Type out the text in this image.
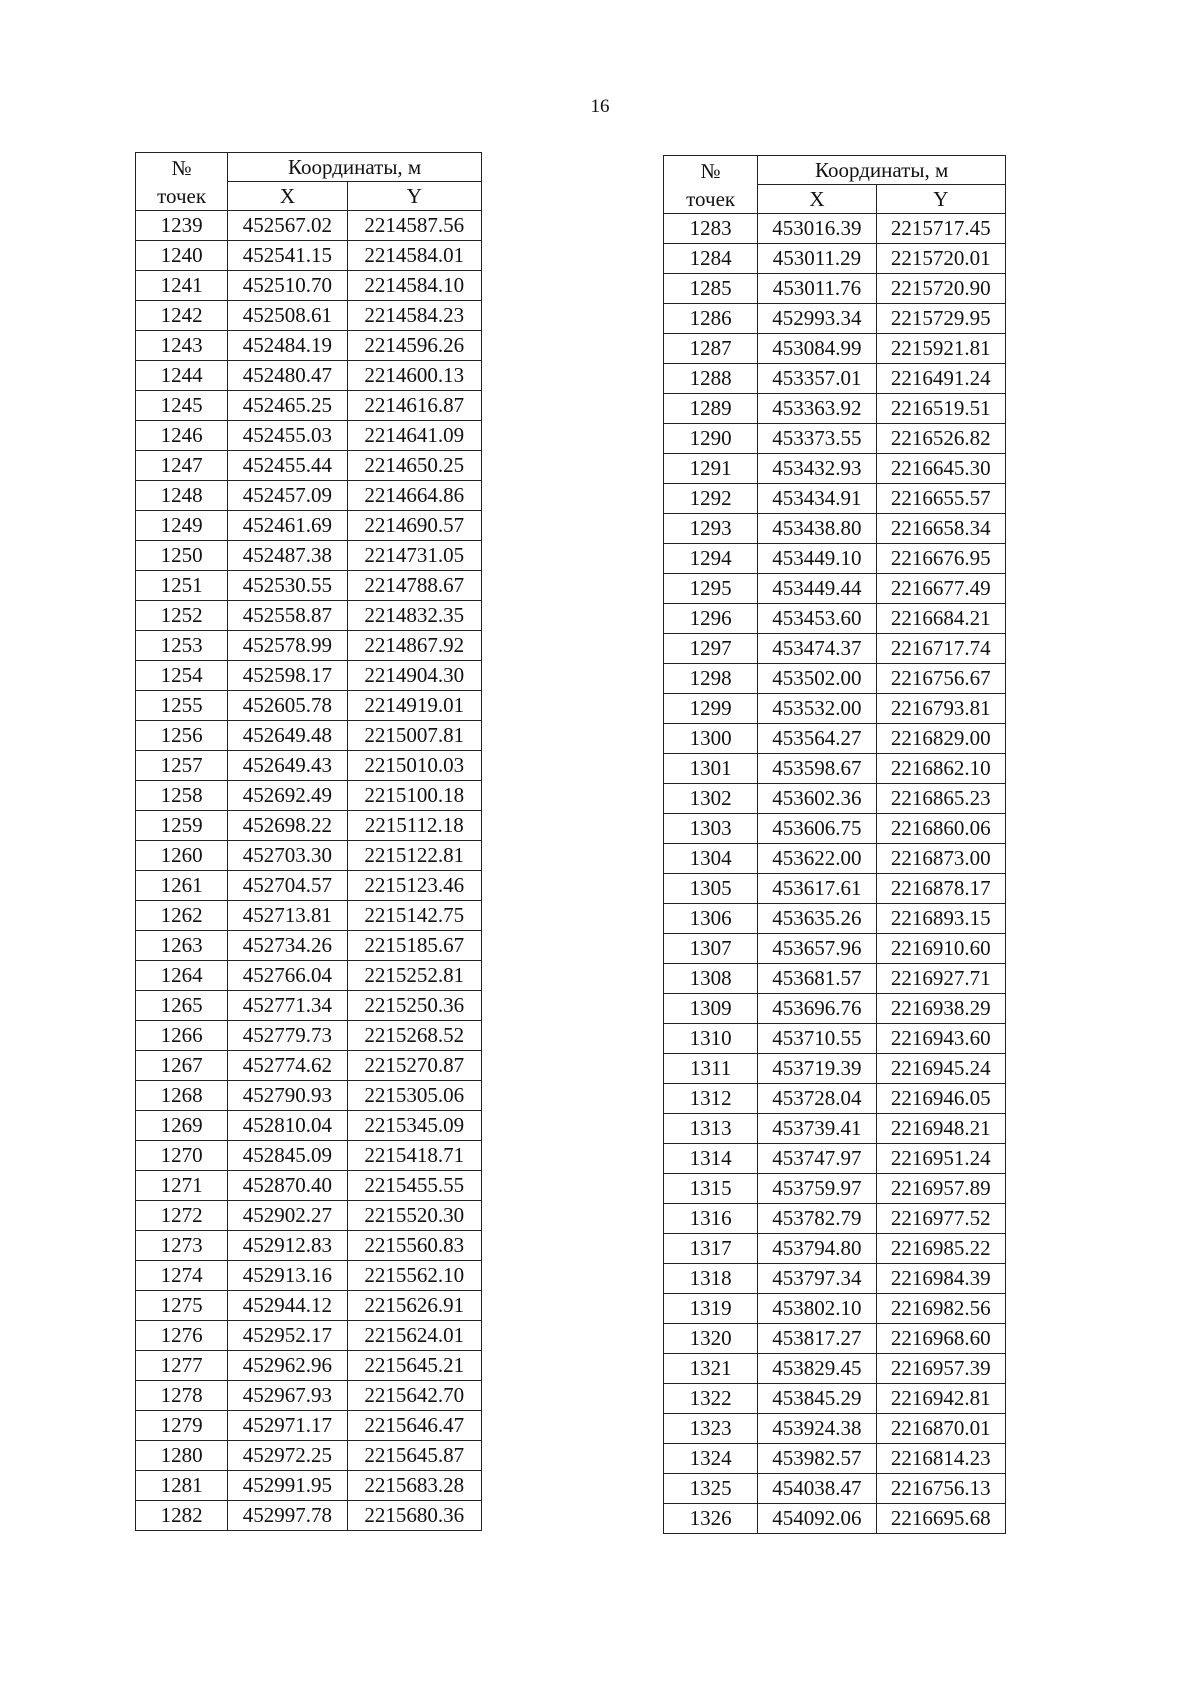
16
№
точек	Координаты, м	
	X	Y
1239	452567.02	2214587.56
1240	452541.15	2214584.01
1241	452510.70	2214584.10
1242	452508.61	2214584.23
1243	452484.19	2214596.26
1244	452480.47	2214600.13
1245	452465.25	2214616.87
1246	452455.03	2214641.09
1247	452455.44	2214650.25
1248	452457.09	2214664.86
1249	452461.69	2214690.57
1250	452487.38	2214731.05
1251	452530.55	2214788.67
1252	452558.87	2214832.35
1253	452578.99	2214867.92
1254	452598.17	2214904.30
1255	452605.78	2214919.01
1256	452649.48	2215007.81
1257	452649.43	2215010.03
1258	452692.49	2215100.18
1259	452698.22	2215112.18
1260	452703.30	2215122.81
1261	452704.57	2215123.46
1262	452713.81	2215142.75
1263	452734.26	2215185.67
1264	452766.04	2215252.81
1265	452771.34	2215250.36
1266	452779.73	2215268.52
1267	452774.62	2215270.87
1268	452790.93	2215305.06
1269	452810.04	2215345.09
1270	452845.09	2215418.71
1271	452870.40	2215455.55
1272	452902.27	2215520.30
1273	452912.83	2215560.83
1274	452913.16	2215562.10
1275	452944.12	2215626.91
1276	452952.17	2215624.01
1277	452962.96	2215645.21
1278	452967.93	2215642.70
1279	452971.17	2215646.47
1280	452972.25	2215645.87
1281	452991.95	2215683.28
1282	452997.78	2215680.36
№
точек	Координаты, м	
	X	Y
1283	453016.39	2215717.45
1284	453011.29	2215720.01
1285	453011.76	2215720.90
1286	452993.34	2215729.95
1287	453084.99	2215921.81
1288	453357.01	2216491.24
1289	453363.92	2216519.51
1290	453373.55	2216526.82
1291	453432.93	2216645.30
1292	453434.91	2216655.57
1293	453438.80	2216658.34
1294	453449.10	2216676.95
1295	453449.44	2216677.49
1296	453453.60	2216684.21
1297	453474.37	2216717.74
1298	453502.00	2216756.67
1299	453532.00	2216793.81
1300	453564.27	2216829.00
1301	453598.67	2216862.10
1302	453602.36	2216865.23
1303	453606.75	2216860.06
1304	453622.00	2216873.00
1305	453617.61	2216878.17
1306	453635.26	2216893.15
1307	453657.96	2216910.60
1308	453681.57	2216927.71
1309	453696.76	2216938.29
1310	453710.55	2216943.60
1311	453719.39	2216945.24
1312	453728.04	2216946.05
1313	453739.41	2216948.21
1314	453747.97	2216951.24
1315	453759.97	2216957.89
1316	453782.79	2216977.52
1317	453794.80	2216985.22
1318	453797.34	2216984.39
1319	453802.10	2216982.56
1320	453817.27	2216968.60
1321	453829.45	2216957.39
1322	453845.29	2216942.81
1323	453924.38	2216870.01
1324	453982.57	2216814.23
1325	454038.47	2216756.13
1326	454092.06	2216695.68
